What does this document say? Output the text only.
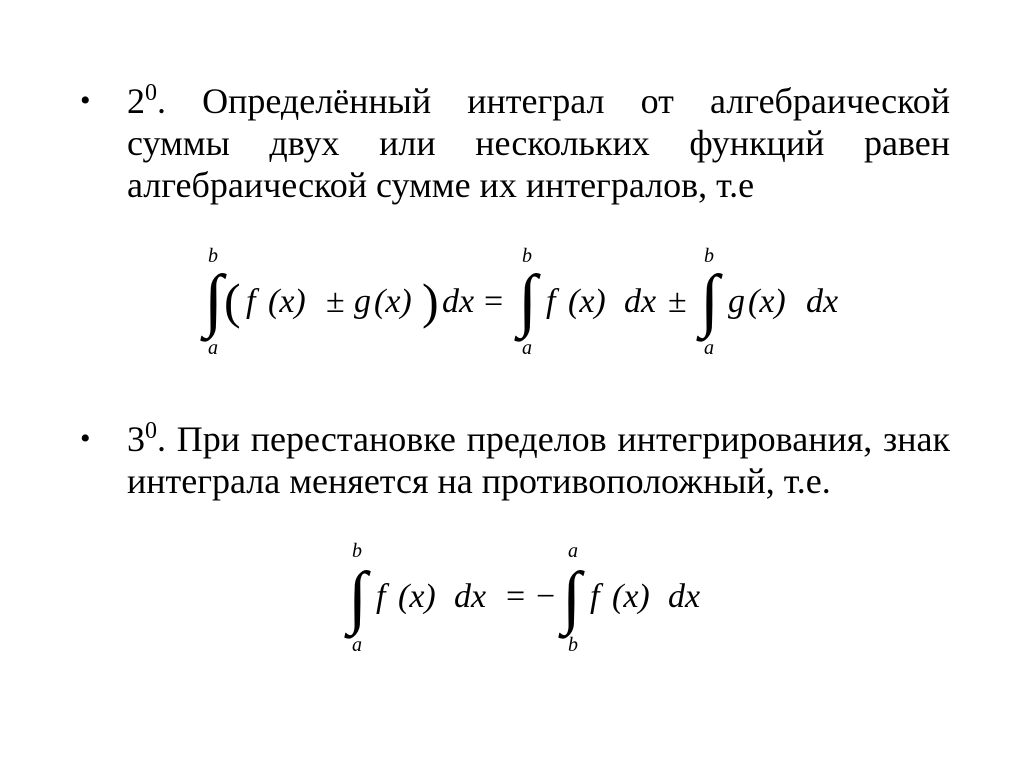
• $2^0$. Определённый интеграл от алгебраической суммы двух или нескольких функций равен алгебраической сумме их интегралов, т.е
b
∫
a
( f (x) ± g (x) ) dx =
b
∫
a
f (x) dx ±
b
∫
a
g (x) dx
• $3^0$. При перестановке пределов интегрирования, знак интеграла меняется на противоположный, т.е.
b
∫
a
f (x) dx = −
a
∫
b
f (x) dx
